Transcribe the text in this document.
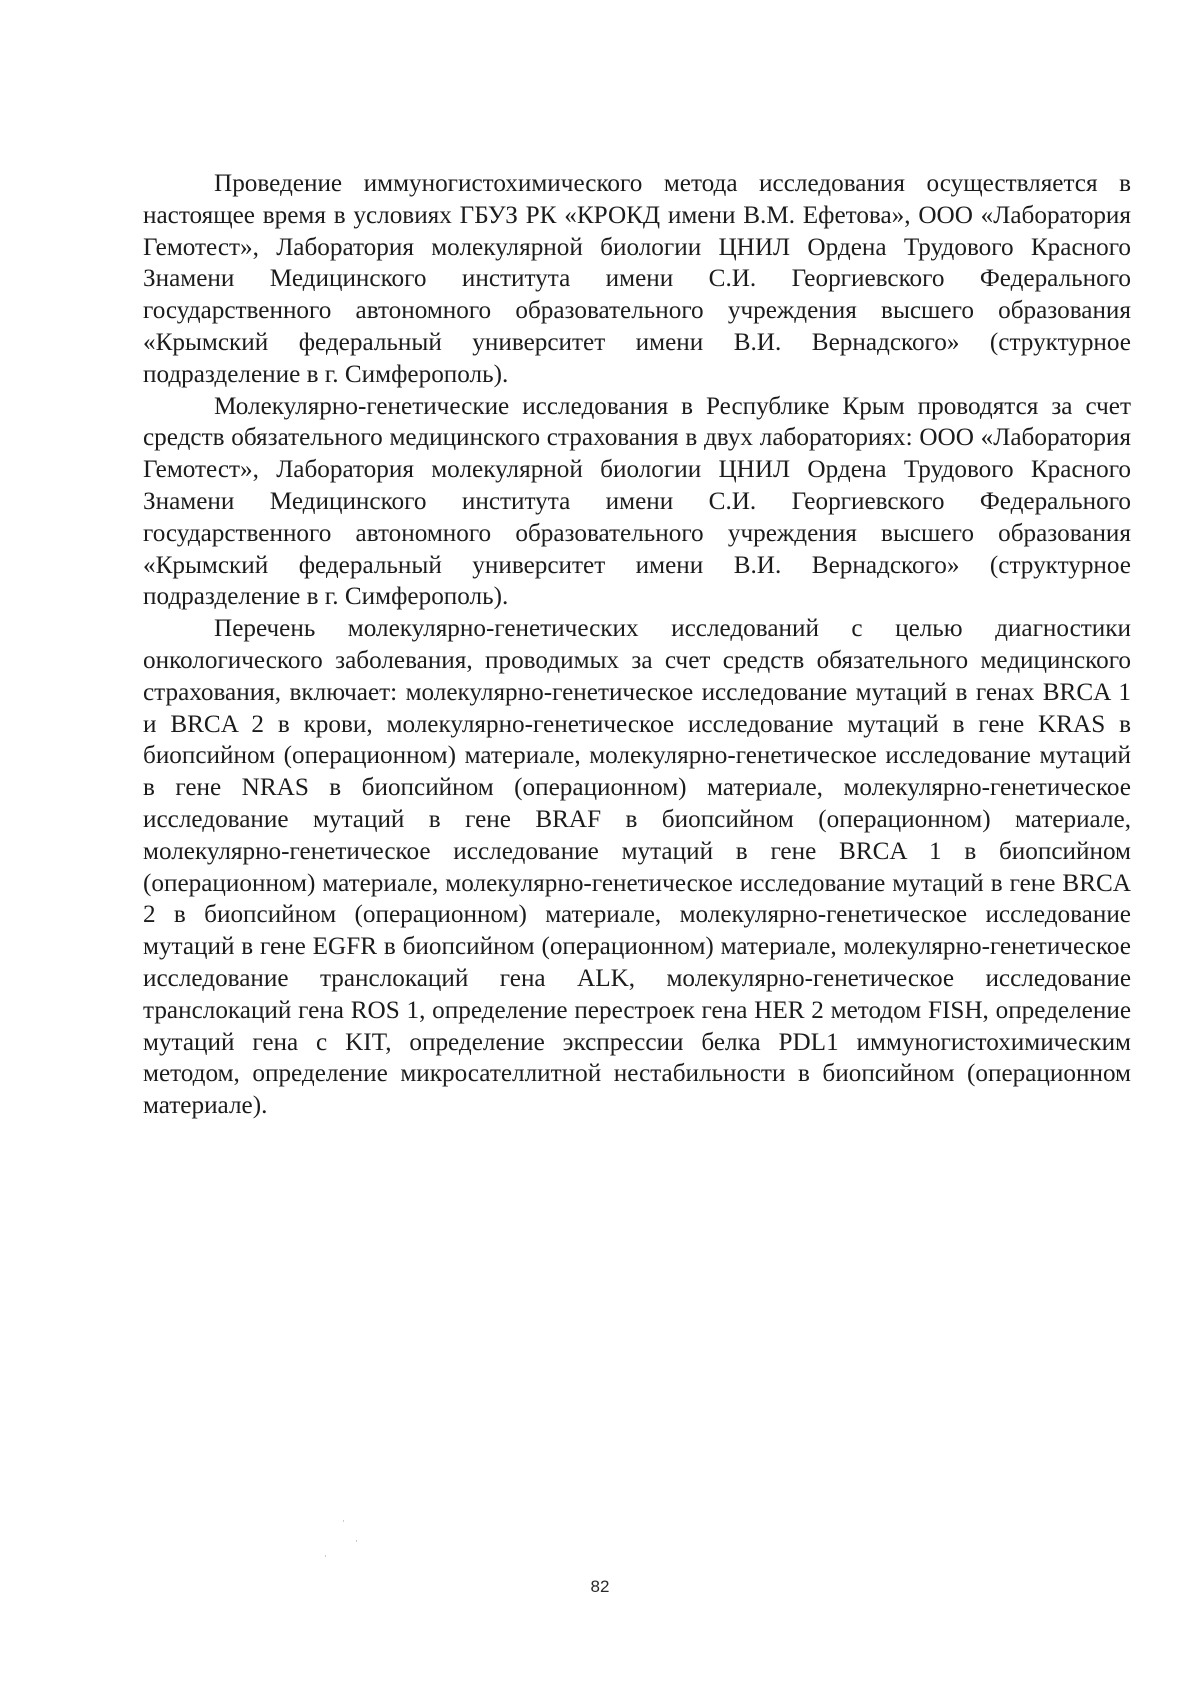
Проведение иммуногистохимического метода исследования осуществляется в настоящее время в условиях ГБУЗ РК «КРОКД имени В.М. Ефетова», ООО «Лаборатория Гемотест», Лаборатория молекулярной биологии ЦНИЛ Ордена Трудового Красного Знамени Медицинского института имени С.И. Георгиевского Федерального государственного автономного образовательного учреждения высшего образования «Крымский федеральный университет имени В.И. Вернадского» (структурное подразделение в г. Симферополь).

Молекулярно-генетические исследования в Республике Крым проводятся за счет средств обязательного медицинского страхования в двух лабораториях: ООО «Лаборатория Гемотест», Лаборатория молекулярной биологии ЦНИЛ Ордена Трудового Красного Знамени Медицинского института имени С.И. Георгиевского Федерального государственного автономного образовательного учреждения высшего образования «Крымский федеральный университет имени В.И. Вернадского» (структурное подразделение в г. Симферополь).

Перечень молекулярно-генетических исследований с целью диагностики онкологического заболевания, проводимых за счет средств обязательного медицинского страхования, включает: молекулярно-генетическое исследование мутаций в генах BRCA 1 и BRCA 2 в крови, молекулярно-генетическое исследование мутаций в гене KRAS в биопсийном (операционном) материале, молекулярно-генетическое исследование мутаций в гене NRAS в биопсийном (операционном) материале, молекулярно-генетическое исследование мутаций в гене BRAF в биопсийном (операционном) материале, молекулярно-генетическое исследование мутаций в гене BRCA 1 в биопсийном (операционном) материале, молекулярно-генетическое исследование мутаций в гене BRCA 2 в биопсийном (операционном) материале, молекулярно-генетическое исследование мутаций в гене EGFR в биопсийном (операционном) материале, молекулярно-генетическое исследование транслокаций гена ALK, молекулярно-генетическое исследование транслокаций гена ROS 1, определение перестроек гена HER 2 методом FISH, определение мутаций гена с KIT, определение экспрессии белка PDL1 иммуногистохимическим методом, определение микросателлитной нестабильности в биопсийном (операционном материале).

·
·
·
82
